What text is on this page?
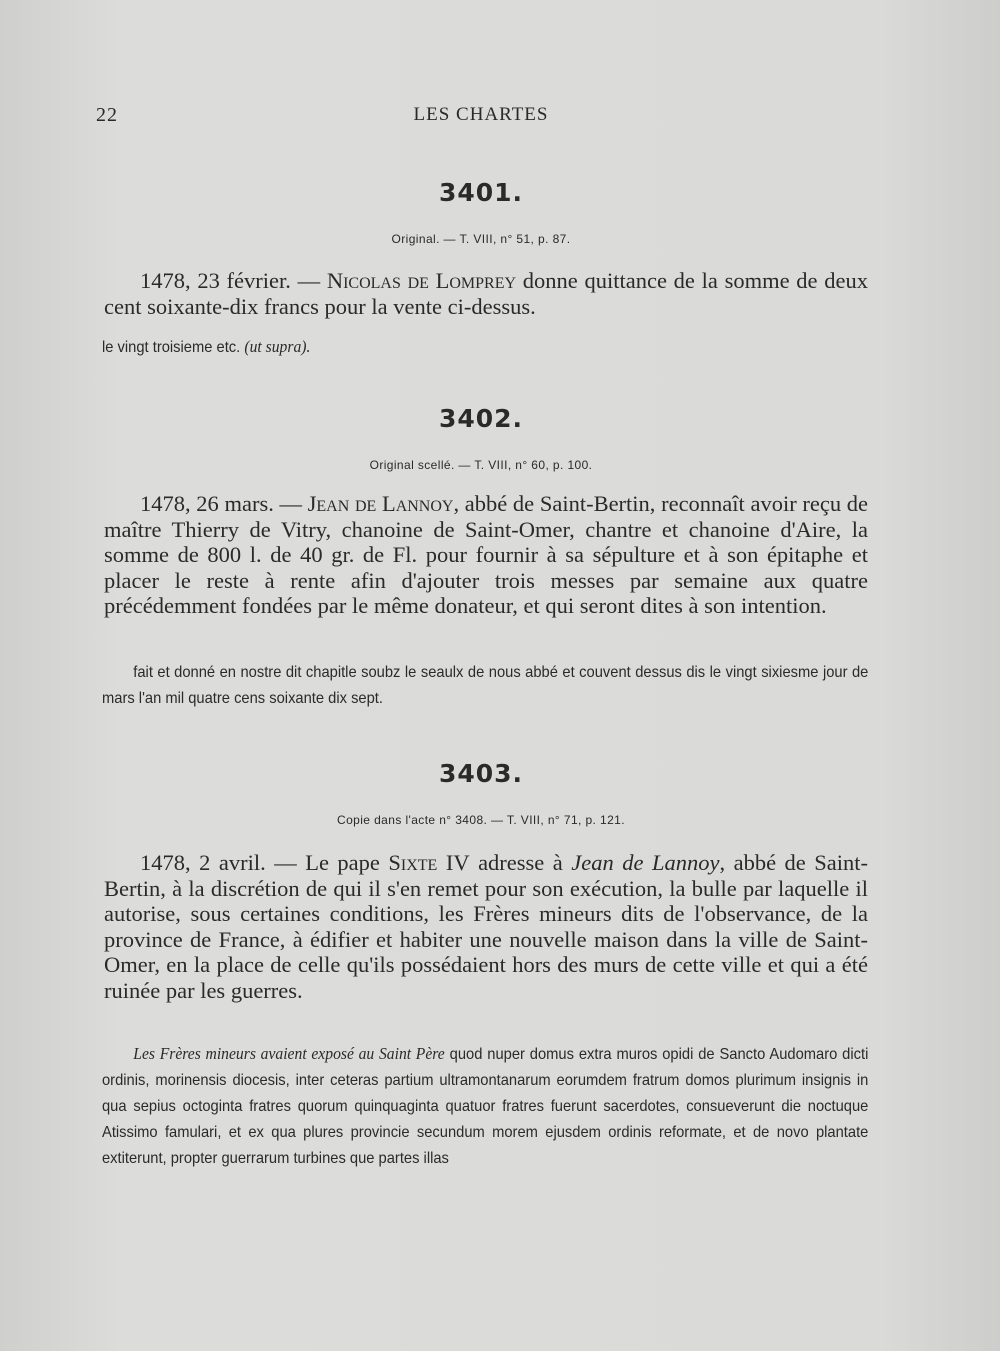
22	LES CHARTES
3401.
Original. — T. VIII, n° 51, p. 87.
1478, 23 février. — Nicolas de Lomprey donne quittance de la somme de deux cent soixante-dix francs pour la vente ci-dessus.
le vingt troisieme etc. (ut supra).
3402.
Original scellé. — T. VIII, n° 60, p. 100.
1478, 26 mars. — Jean de Lannoy, abbé de Saint-Bertin, reconnaît avoir reçu de maître Thierry de Vitry, chanoine de Saint-Omer, chantre et chanoine d'Aire, la somme de 800 l. de 40 gr. de Fl. pour fournir à sa sépulture et à son épitaphe et placer le reste à rente afin d'ajouter trois messes par semaine aux quatre précédemment fondées par le même donateur, et qui seront dites à son intention.
fait et donné en nostre dit chapitle soubz le seaulx de nous abbé et couvent dessus dis le vingt sixiesme jour de mars l'an mil quatre cens soixante dix sept.
3403.
Copie dans l'acte n° 3408. — T. VIII, n° 71, p. 121.
1478, 2 avril. — Le pape Sixte IV adresse à Jean de Lannoy, abbé de Saint-Bertin, à la discrétion de qui il s'en remet pour son exécution, la bulle par laquelle il autorise, sous certaines conditions, les Frères mineurs dits de l'observance, de la province de France, à édifier et habiter une nouvelle maison dans la ville de Saint-Omer, en la place de celle qu'ils possédaient hors des murs de cette ville et qui a été ruinée par les guerres.
Les Frères mineurs avaient exposé au Saint Père quod nuper domus extra muros opidi de Sancto Audomaro dicti ordinis, morinensis diocesis, inter ceteras partium ultramontanarum eorumdem fratrum domos plurimum insignis in qua sepius octoginta fratres quorum quinquaginta quatuor fratres fuerunt sacerdotes, consueverunt die noctuque Atissimo famulari, et ex qua plures provincie secundum morem ejusdem ordinis reformate, et de novo plantate extiterunt, propter guerrarum turbines que partes illas
